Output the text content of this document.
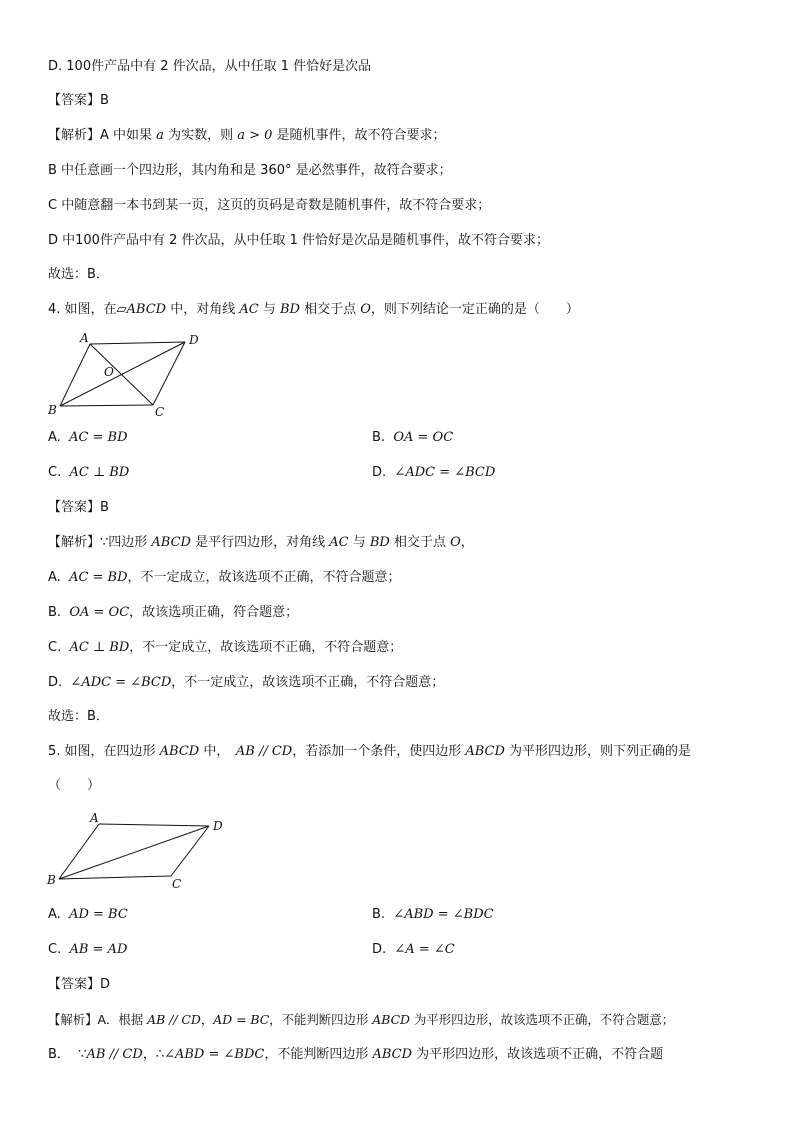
D. 100件产品中有 2 件次品，从中任取 1 件恰好是次品
【答案】B
【解析】A 中如果 a 为实数，则 a > 0 是随机事件，故不符合要求；
B 中任意画一个四边形，其内角和是 360° 是必然事件，故符合要求；
C 中随意翻一本书到某一页，这页的页码是奇数是随机事件，故不符合要求；
D 中100件产品中有 2 件次品，从中任取 1 件恰好是次品是随机事件，故不符合要求；
故选：B．
4. 如图，在▱ABCD 中，对角线 AC 与 BD 相交于点 O，则下列结论一定正确的是（　　）
A	D
O
B	C
A. AC = BD	B. OA = OC
C. AC ⊥ BD	D. ∠ADC = ∠BCD
【答案】B
【解析】∵四边形 ABCD 是平行四边形，对角线 AC 与 BD 相交于点 O，
A. AC = BD，不一定成立，故该选项不正确，不符合题意；
B. OA = OC，故该选项正确，符合题意；
C. AC ⊥ BD，不一定成立，故该选项不正确，不符合题意；
D. ∠ADC = ∠BCD，不一定成立，故该选项不正确，不符合题意；
故选：B．
5. 如图，在四边形 ABCD 中，　AB // CD，若添加一个条件，使四边形 ABCD 为平形四边形，则下列正确的是
（　　）
A
D
B	C
A. AD = BC	B. ∠ABD = ∠BDC
C. AB = AD	D. ∠A = ∠C
【答案】D
【解析】A．根据 AB // CD，AD = BC，不能判断四边形 ABCD 为平形四边形，故该选项不正确，不符合题意；
B． ∵AB // CD，∴∠ABD = ∠BDC，不能判断四边形 ABCD 为平形四边形，故该选项不正确，不符合题
